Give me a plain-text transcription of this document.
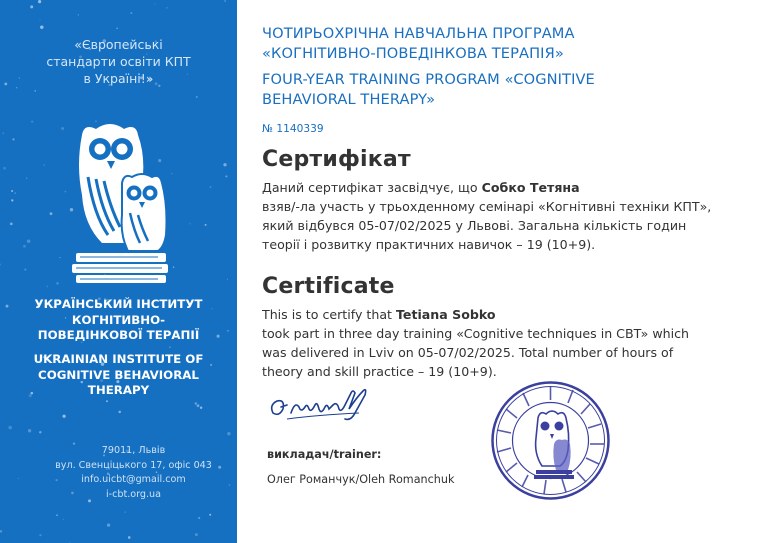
«Європейські
стандарти освіти КПТ
в Україні!»
УКРАЇНСЬКИЙ ІНСТИТУТ
КОГНІТИВНО-
ПОВЕДІНКОВОЇ ТЕРАПІЇ
UKRAINIAN INSTITUTE OF
COGNITIVE BEHAVIORAL
THERAPY
79011, Львів
вул. Свенціцького 17, офіс 043
info.uicbt@gmail.com
i-cbt.org.ua
ЧОТИРЬОХРІЧНА НАВЧАЛЬНА ПРОГРАМА
«КОГНІТИВНО-ПОВЕДІНКОВА ТЕРАПІЯ»
FOUR-YEAR TRAINING PROGRAM «COGNITIVE
BEHAVIORAL THERAPY»
№ 1140339
Сертифікат
Даний сертифікат засвідчує, що Собко Тетяна
взяв/-ла участь у трьохденному семінарі «Когнітивні техніки КПТ»,
який відбувся 05-07/02/2025 у Львові. Загальна кількість годин
теорії і розвитку практичних навичок – 19 (10+9).
Certificate
This is to certify that Tetiana Sobko
took part in three day training «Cognitive techniques in CBT» which
was delivered in Lviv on 05-07/02/2025. Total number of hours of
theory and skill practice – 19 (10+9).
викладач/trainer:
Олег Романчук/Oleh Romanchuk
